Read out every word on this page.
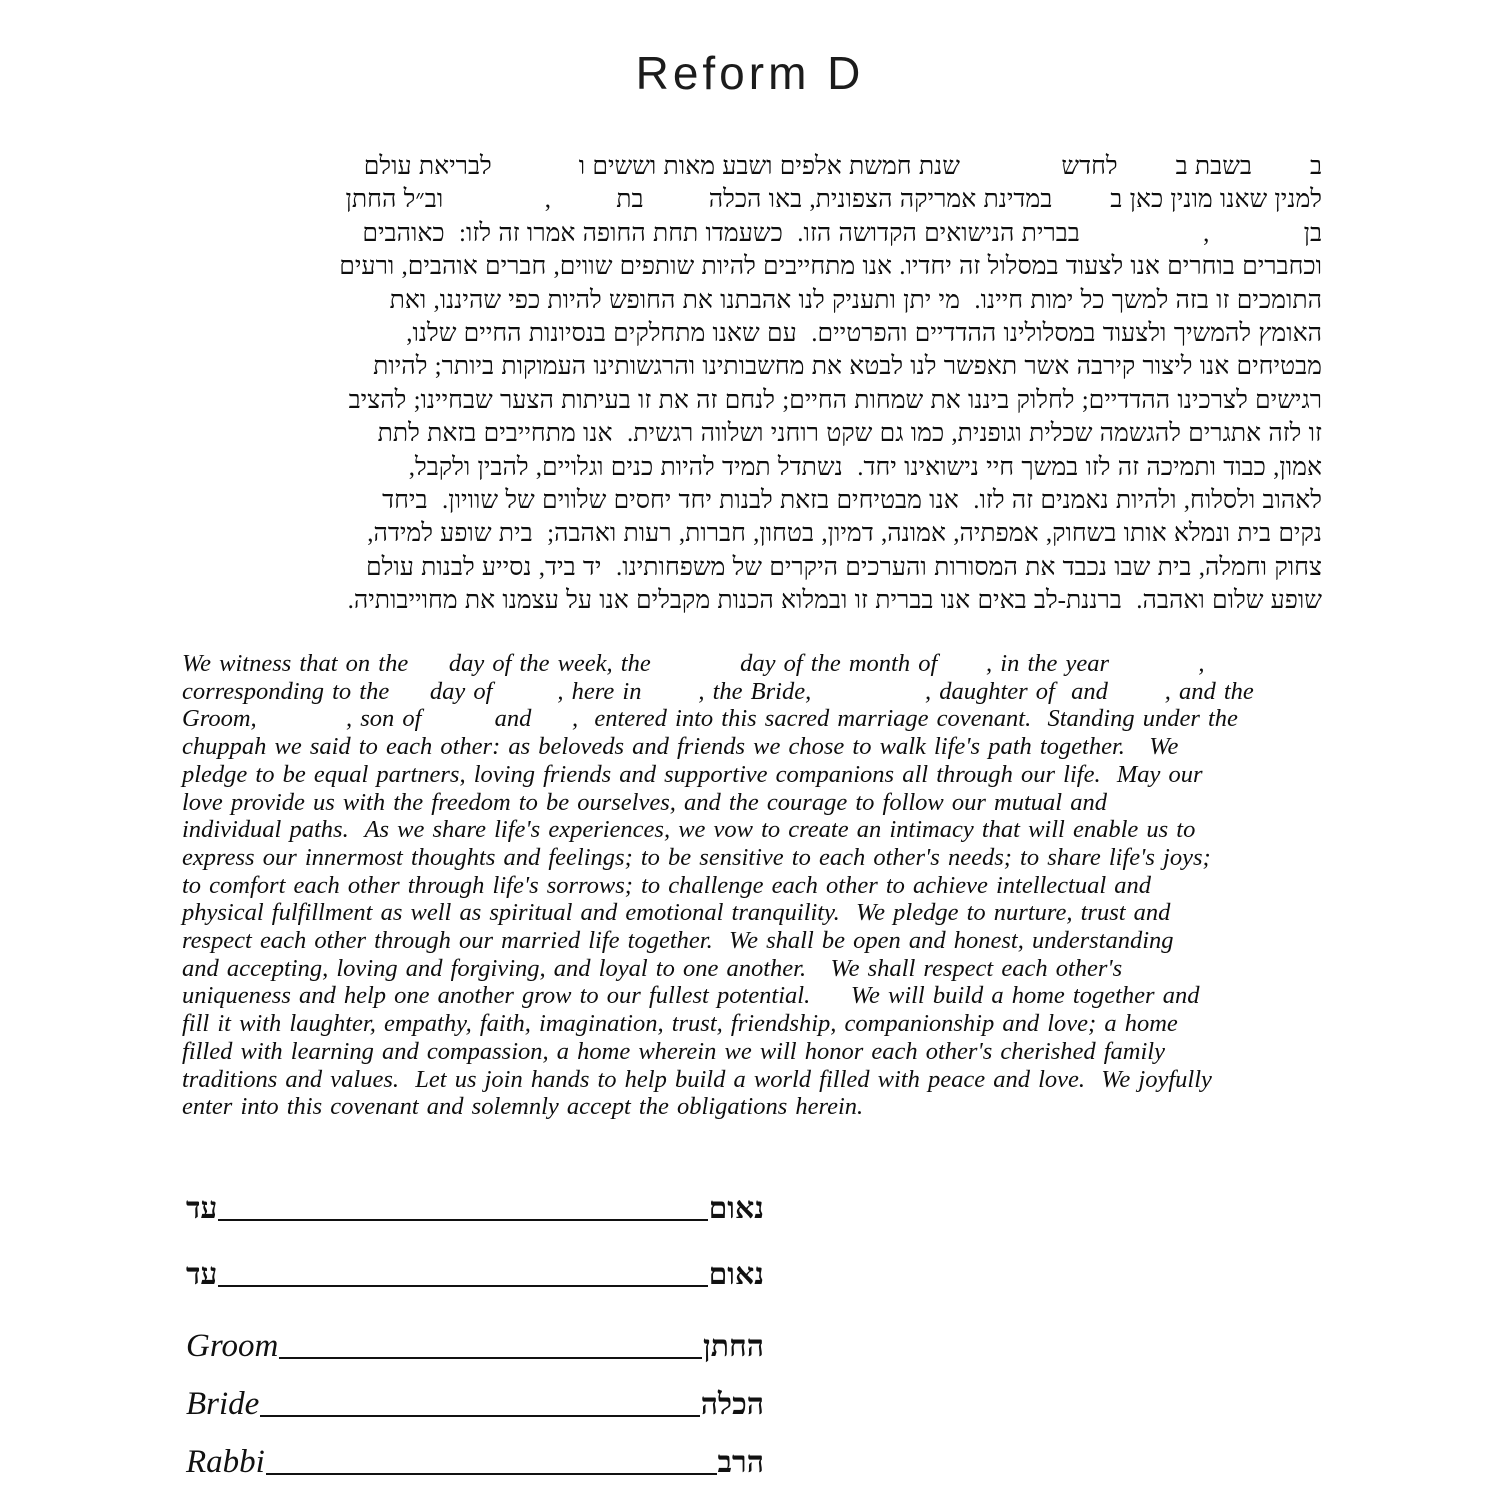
Reform D
ב        בשבת ב        לחדש              שנת חמשת אלפים ושבע מאות וששים ו            לבריאת עולם
למנין שאנו מונין כאן ב        במדינת אמריקה הצפונית, באו הכלה         בת         ,              וב״ל החתן
בן             ,                 בברית הנישואים הקדושה הזו.  כשעמדו תחת החופה אמרו זה לזו:  כאוהבים
וכחברים בוחרים אנו לצעוד במסלול זה יחדיו. אנו מתחייבים להיות שותפים שווים, חברים אוהבים, ורעים
התומכים זו בזה למשך כל ימות חיינו.  מי יתן ותעניק לנו אהבתנו את החופש להיות כפי שהיננו, ואת
האומץ להמשיך ולצעוד במסלולינו ההדדיים והפרטיים.  עם שאנו מתחלקים בנסיונות החיים שלנו,
מבטיחים אנו ליצור קירבה אשר תאפשר לנו לבטא את מחשבותינו והרגשותינו העמוקות ביותר; להיות
רגישים לצרכינו ההדדיים; לחלוק ביננו את שמחות החיים; לנחם זה את זו בעיתות הצער שבחיינו; להציב
זו לזה אתגרים להגשמה שכלית וגופנית, כמו גם שקט רוחני ושלווה רגשית.  אנו מתחייבים בזאת לתת
אמון, כבוד ותמיכה זה לזו במשך חיי נישואינו יחד.  נשתדל תמיד להיות כנים וגלויים, להבין ולקבל,
לאהוב ולסלוח, ולהיות נאמנים זה לזו.  אנו מבטיחים בזאת לבנות יחד יחסים שלווים של שוויון.  ביחד
נקים בית ונמלא אותו בשחוק, אמפתיה, אמונה, דמיון, בטחון, חברות, רעות ואהבה;  בית שופע למידה,
צחוק וחמלה, בית שבו נכבד את המסורות והערכים היקרים של משפחותינו.  יד ביד, נסייע לבנות עולם
שופע שלום ואהבה.  ברננת-לב באים אנו בברית זו ובמלוא הכנות מקבלים אנו על עצמנו את מחוייבותיה.
We witness that on the     day of the week, the           day of the month of      , in the year           ,
corresponding to the     day of        , here in       , the Bride,              , daughter of  and       , and the
Groom,           , son of         and     ,  entered into this sacred marriage covenant.  Standing under the
chuppah we said to each other: as beloveds and friends we chose to walk life's path together.   We
pledge to be equal partners, loving friends and supportive companions all through our life.  May our
love provide us with the freedom to be ourselves, and the courage to follow our mutual and
individual paths.  As we share life's experiences, we vow to create an intimacy that will enable us to
express our innermost thoughts and feelings; to be sensitive to each other's needs; to share life's joys;
to comfort each other through life's sorrows; to challenge each other to achieve intellectual and
physical fulfillment as well as spiritual and emotional tranquility.  We pledge to nurture, trust and
respect each other through our married life together.  We shall be open and honest, understanding
and accepting, loving and forgiving, and loyal to one another.   We shall respect each other's
uniqueness and help one another grow to our fullest potential.     We will build a home together and
fill it with laughter, empathy, faith, imagination, trust, friendship, companionship and love; a home
filled with learning and compassion, a home wherein we will honor each other's cherished family
traditions and values.  Let us join hands to help build a world filled with peace and love.  We joyfully
enter into this covenant and solemnly accept the obligations herein.
עד	נאום
עד	נאום
Groom	החתן
Bride	הכלה
Rabbi	הרב
